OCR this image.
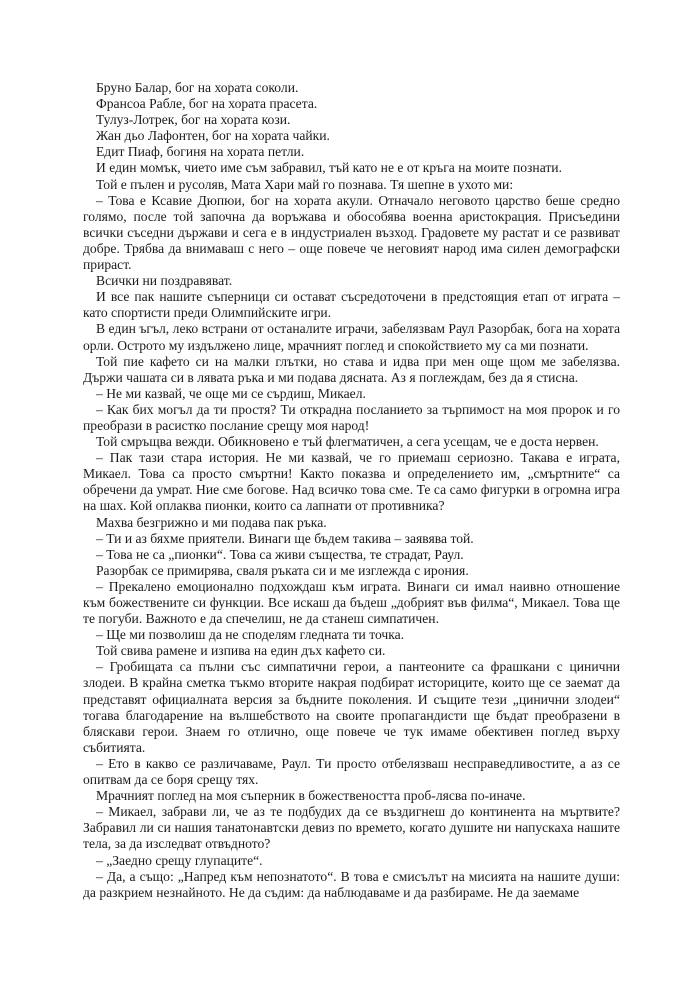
Бруно Балар, бог на хората соколи.

Франсоа Рабле, бог на хората прасета.

Тулуз-Лотрек, бог на хората кози.

Жан дьо Лафонтен, бог на хората чайки.

Едит Пиаф, богиня на хората петли.

И един момък, чието име съм забравил, тъй като не е от кръга на моите познати.

Той е пълен и русоляв, Мата Хари май го познава. Тя шепне в ухото ми:

– Това е Ксавие Дюпюи, бог на хората акули. Отначало неговото царство беше средно голямо, после той започна да воръжава и обособява военна аристокрация. Присъедини всички съседни държави и сега е в индустриален възход. Градовете му растат и се развиват добре. Трябва да внимаваш с него – още повече че неговият народ има силен демографски прираст.

Всички ни поздравяват.

И все пак нашите съперници си остават съсредоточени в предстоящия етап от играта – като спортисти преди Олимпийските игри.

В един ъгъл, леко встрани от останалите играчи, забелязвам Раул Разорбак, бога на хората орли. Остротo му издължено лице, мрачният поглед и спокойствието му са ми познати.

Той пие кафето си на малки глътки, но става и идва при мен още щом ме забелязва. Държи чашата си в лявата ръка и ми подава дясната. Аз я поглеждам, без да я стисна.

– Не ми казвай, че още ми се сърдиш, Микаел.

– Как бих могъл да ти простя? Ти открадна посланието за търпимост на моя пророк и го преобрази в расистко послание срещу моя народ!

Той смръщва вежди. Обикновено е тъй флегматичен, а сега усещам, че е доста нервен.

– Пак тази стара история. Не ми казвай, че го приемаш сериозно. Такава е играта, Микаел. Това са просто смъртни! Както показва и определението им, „смъртните“ са обречени да умрат. Ние сме богове. Над всичко това сме. Те са само фигурки в огромна игра на шах. Кой оплаква пионки, които са лапнати от противника?

Махва безгрижно и ми подава пак ръка.

– Ти и аз бяхме приятели. Винаги ще бъдем такива – заявява той.

– Това не са „пионки“. Това са живи същества, те страдат, Раул.

Разорбак се примирява, сваля ръката си и ме изглежда с ирония.

– Прекалено емоционално подхождаш към играта. Винаги си имал наивно отношение към божествените си функции. Все искаш да бъдеш „добрият във филма“, Микаел. Това ще те погуби. Важното е да спечелиш, не да станеш симпатичен.

– Ще ми позволиш да не споделям гледната ти точка.

Той свива рамене и изпива на един дъх кафето си.

– Гробищата са пълни със симпатични герои, а пантеоните са фрашкани с цинични злодеи. В крайна сметка тъкмо вторите накрая подбират историците, които ще се заемат да представят официалната версия за бъдните поколения. И същите тези „цинични злодеи“ тогава благодарение на вълшебството на своите пропагандисти ще бъдат преобразени в бляскави герои. Знаем го отлично, още повече че тук имаме обективен поглед върху събитията.

– Ето в какво се различаваме, Раул. Ти просто отбелязваш несправедливостите, а аз се опитвам да се боря срещу тях.

Мрачният поглед на моя съперник в божествеността проб-лясва по-иначе.

– Микаел, забрави ли, че аз те подбудих да се въздигнеш до континента на мъртвите? Забравил ли си нашия танатонавтски девиз по времето, когато душите ни напускаха нашите тела, за да изследват отвъдното?

– „Заедно срещу глупаците“.

– Да, а също: „Напред към непознатото“. В това е смисълът на мисията на нашите души: да разкрием незнайното. Не да съдим: да наблюдаваме и да разбираме. Не да заемаме
